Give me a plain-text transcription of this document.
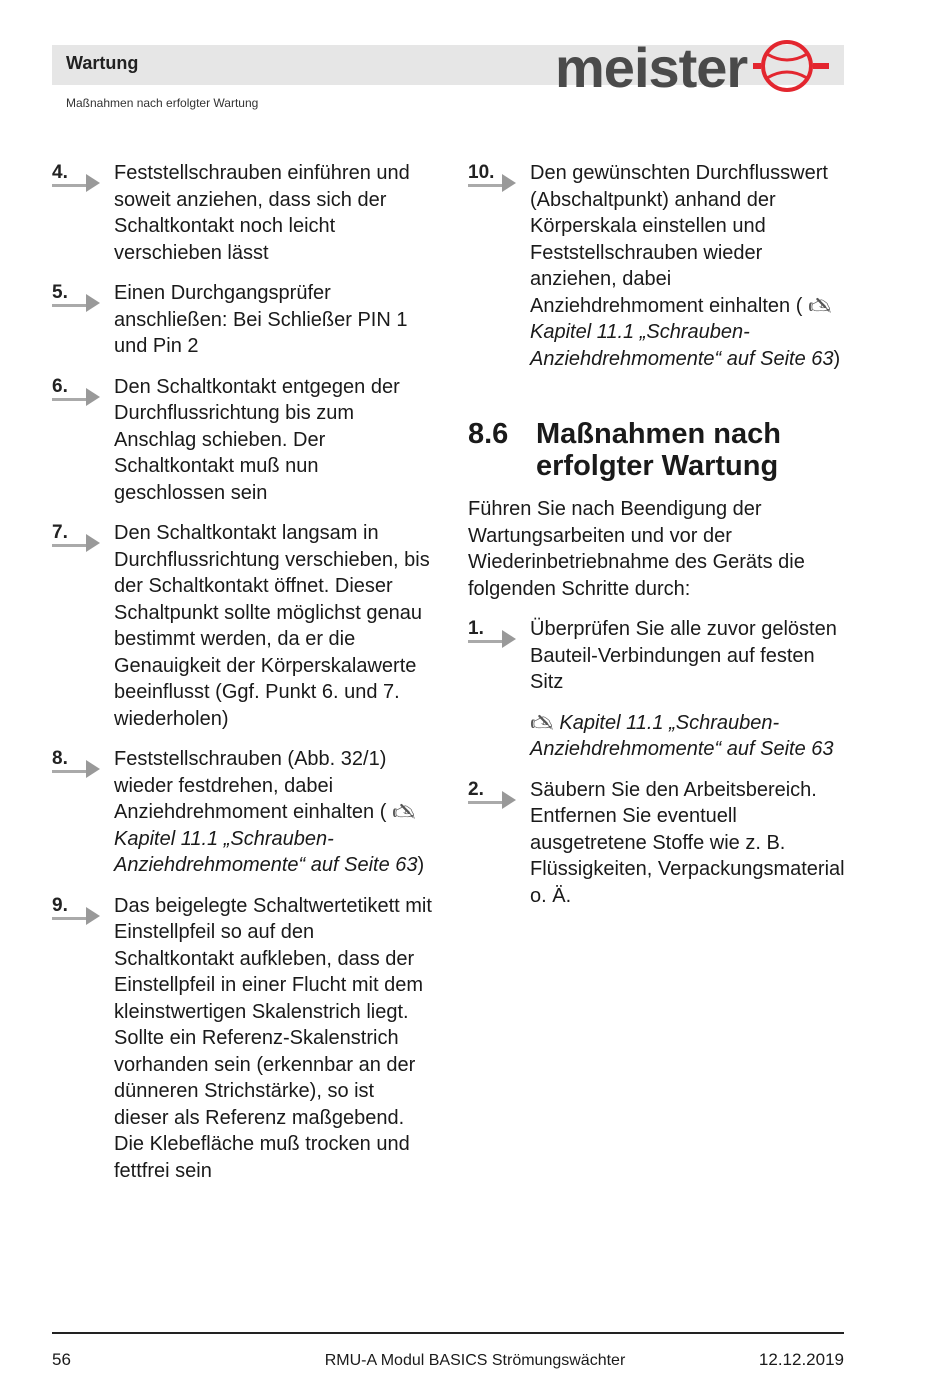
Wartung
Maßnahmen nach erfolgter Wartung
meister
4. Feststellschrauben einführen und soweit anziehen, dass sich der Schaltkontakt noch leicht verschieben lässt
5. Einen Durchgangsprüfer anschließen: Bei Schließer PIN 1 und Pin 2
6. Den Schaltkontakt entgegen der Durchflussrichtung bis zum Anschlag schieben. Der Schaltkontakt muß nun geschlossen sein
7. Den Schaltkontakt langsam in Durchflussrichtung verschieben, bis der Schaltkontakt öffnet. Dieser Schaltpunkt sollte möglichst genau bestimmt werden, da er die Genauigkeit der Körperskalawerte beeinflusst (Ggf. Punkt 6. und 7. wiederholen)
8. Feststellschrauben (Abb. 32/1) wieder festdrehen, dabei Anziehdrehmoment einhalten ( 🖎 Kapitel 11.1 „Schrauben-Anziehdrehmomente“ auf Seite 63)
9. Das beigelegte Schaltwertetikett mit Einstellpfeil so auf den Schaltkontakt aufkleben, dass der Einstellpfeil in einer Flucht mit dem kleinstwertigen Skalenstrich liegt. Sollte ein Referenz-Skalenstrich vorhanden sein (erkennbar an der dünneren Strichstärke), so ist dieser als Referenz maßgebend. Die Klebefläche muß trocken und fettfrei sein
10. Den gewünschten Durchflusswert (Abschaltpunkt) anhand der Körperskala einstellen und Feststellschrauben wieder anziehen, dabei Anziehdrehmoment einhalten ( 🖎 Kapitel 11.1 „Schrauben-Anziehdrehmomente“ auf Seite 63)
8.6 Maßnahmen nach erfolgter Wartung
Führen Sie nach Beendigung der Wartungsarbeiten und vor der Wiederinbetriebnahme des Geräts die folgenden Schritte durch:
1. Überprüfen Sie alle zuvor gelösten Bauteil-Verbindungen auf festen Sitz
🖎 Kapitel 11.1 „Schrauben-Anziehdrehmomente“ auf Seite 63
2. Säubern Sie den Arbeitsbereich. Entfernen Sie eventuell ausgetretene Stoffe wie z. B. Flüssigkeiten, Verpackungsmaterial o. Ä.
56	RMU-A Modul BASICS Strömungswächter	12.12.2019
